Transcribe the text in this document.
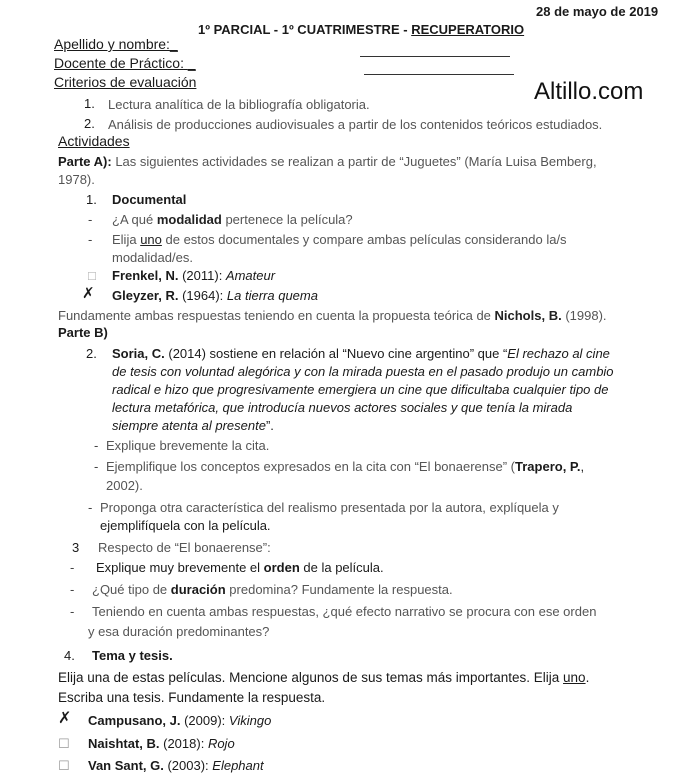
28 de mayo de 2019
1º PARCIAL - 1º CUATRIMESTRE - RECUPERATORIO
Apellido y nombre:_
Docente de Práctico: _
Criterios de evaluación	Altillo.com
1. Lectura analítica de la bibliografía obligatoria.
2. Análisis de producciones audiovisuales a partir de los contenidos teóricos estudiados.
Actividades
Parte A): Las siguientes actividades se realizan a partir de “Juguetes” (María Luisa Bemberg,
1978).
1. Documental
- ¿A qué modalidad pertenece la película?
- Elija uno de estos documentales y compare ambas películas considerando la/s
modalidad/es.
□ Frenkel, N. (2011): Amateur
✗ Gleyzer, R. (1964): La tierra quema
Fundamente ambas respuestas teniendo en cuenta la propuesta teórica de Nichols, B. (1998).
Parte B)
2. Soria, C. (2014) sostiene en relación al “Nuevo cine argentino” que “El rechazo al cine
de tesis con voluntad alegórica y con la mirada puesta en el pasado produjo un cambio
radical e hizo que progresivamente emergiera un cine que dificultaba cualquier tipo de
lectura metafórica, que introducía nuevos actores sociales y que tenía la mirada
siempre atenta al presente”.
- Explique brevemente la cita.
- Ejemplifique los conceptos expresados en la cita con “El bonaerense” (Trapero, P.,
2002).
- Proponga otra característica del realismo presentada por la autora, explíquela y
ejemplifíquela con la película.
3 Respecto de “El bonaerense”:
- Explique muy brevemente el orden de la película.
- ¿Qué tipo de duración predomina? Fundamente la respuesta.
- Teniendo en cuenta ambas respuestas, ¿qué efecto narrativo se procura con ese orden
y esa duración predominantes?
4. Tema y tesis.
Elija una de estas películas. Mencione algunos de sus temas más importantes. Elija uno.
Escriba una tesis. Fundamente la respuesta.
✗ Campusano, J. (2009): Vikingo
☐ Naishtat, B. (2018): Rojo
☐ Van Sant, G. (2003): Elephant
